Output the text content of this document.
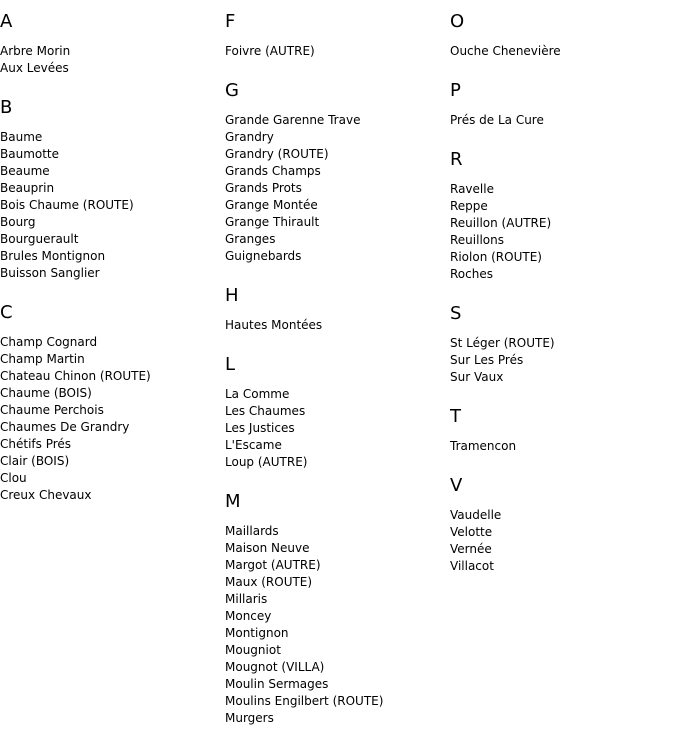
A
Arbre Morin
Aux Levées
B
Baume
Baumotte
Beaume
Beauprin
Bois Chaume (ROUTE)
Bourg
Bourguerault
Brules Montignon
Buisson Sanglier
C
Champ Cognard
Champ Martin
Chateau Chinon (ROUTE)
Chaume (BOIS)
Chaume Perchois
Chaumes De Grandry
Chétifs Prés
Clair (BOIS)
Clou
Creux Chevaux
F
Foivre (AUTRE)
G
Grande Garenne Trave
Grandry
Grandry (ROUTE)
Grands Champs
Grands Prots
Grange Montée
Grange Thirault
Granges
Guignebards
H
Hautes Montées
L
La Comme
Les Chaumes
Les Justices
L'Escame
Loup (AUTRE)
M
Maillards
Maison Neuve
Margot (AUTRE)
Maux (ROUTE)
Millaris
Moncey
Montignon
Mougniot
Mougnot (VILLA)
Moulin Sermages
Moulins Engilbert (ROUTE)
Murgers
O
Ouche Chenevière
P
Prés de La Cure
R
Ravelle
Reppe
Reuillon (AUTRE)
Reuillons
Riolon (ROUTE)
Roches
S
St Léger (ROUTE)
Sur Les Prés
Sur Vaux
T
Tramencon
V
Vaudelle
Velotte
Vernée
Villacot
